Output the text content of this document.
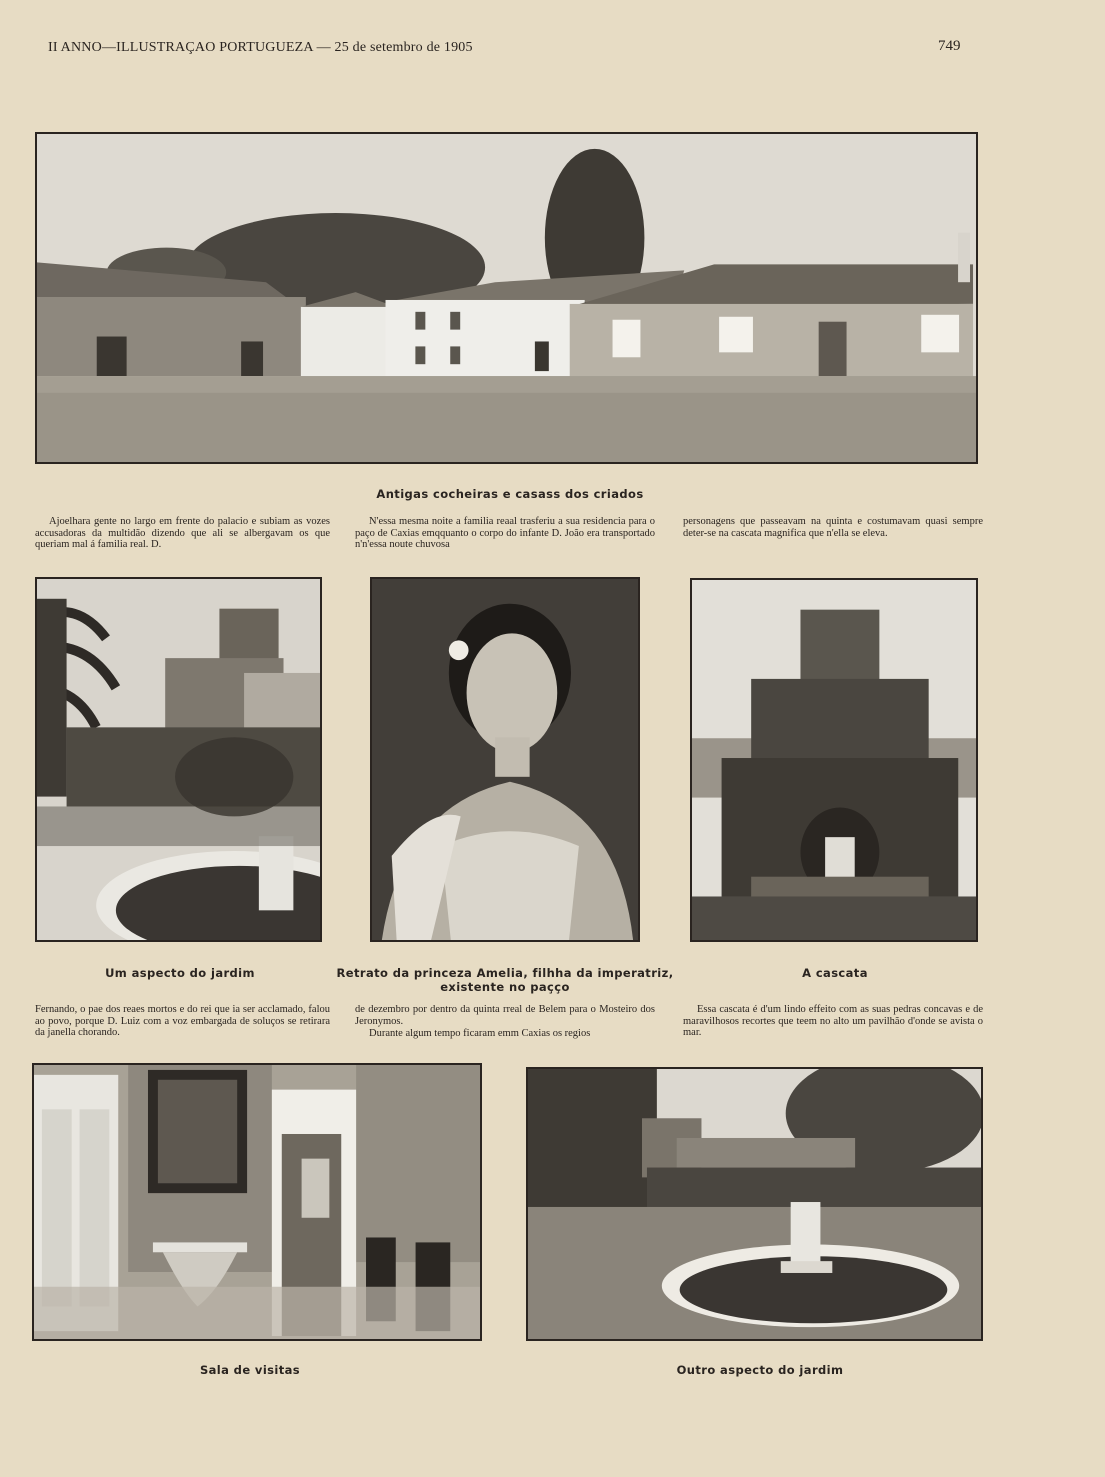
II ANNO—ILLUSTRAÇAO PORTUGUEZA — 25 de setembro de 1905	749
Antigas cocheiras e casass dos criados

Ajoelhara gente no largo em frente do palacio e subiam as vozes accusadoras da multidão dizendo que ali se albergavam os que queriam mal á familia real. D.

N'essa mesma noite a familia reaal trasferiu a sua residencia para o paço de Caxias emqquanto o corpo do infante D. João era transportado n'n'essa noute chuvosa

personagens que passeavam na quinta e costumavam quasi sempre deter-se na cascata magnifica que n'ella se eleva.

Um aspecto do jardim	Retrato da princeza Amelia, filhha da imperatriz,
existente no paçço
A cascata

Fernando, o pae dos reaes mortos e do rei que ia ser acclamado, falou ao povo, porque D. Luiz com a voz embargada de soluços se retirara da janella chorando.

de dezembro por dentro da quinta rreal de Belem para o Mosteiro dos Jeronymos.

Durante algum tempo ficaram emm Caxias os regios

Essa cascata é d'um lindo effeito com as suas pedras concavas e de maravilhosos recortes que teem no alto um pavilhão d'onde se avista o mar.

Sala de visitas	Outro aspecto do jardim
